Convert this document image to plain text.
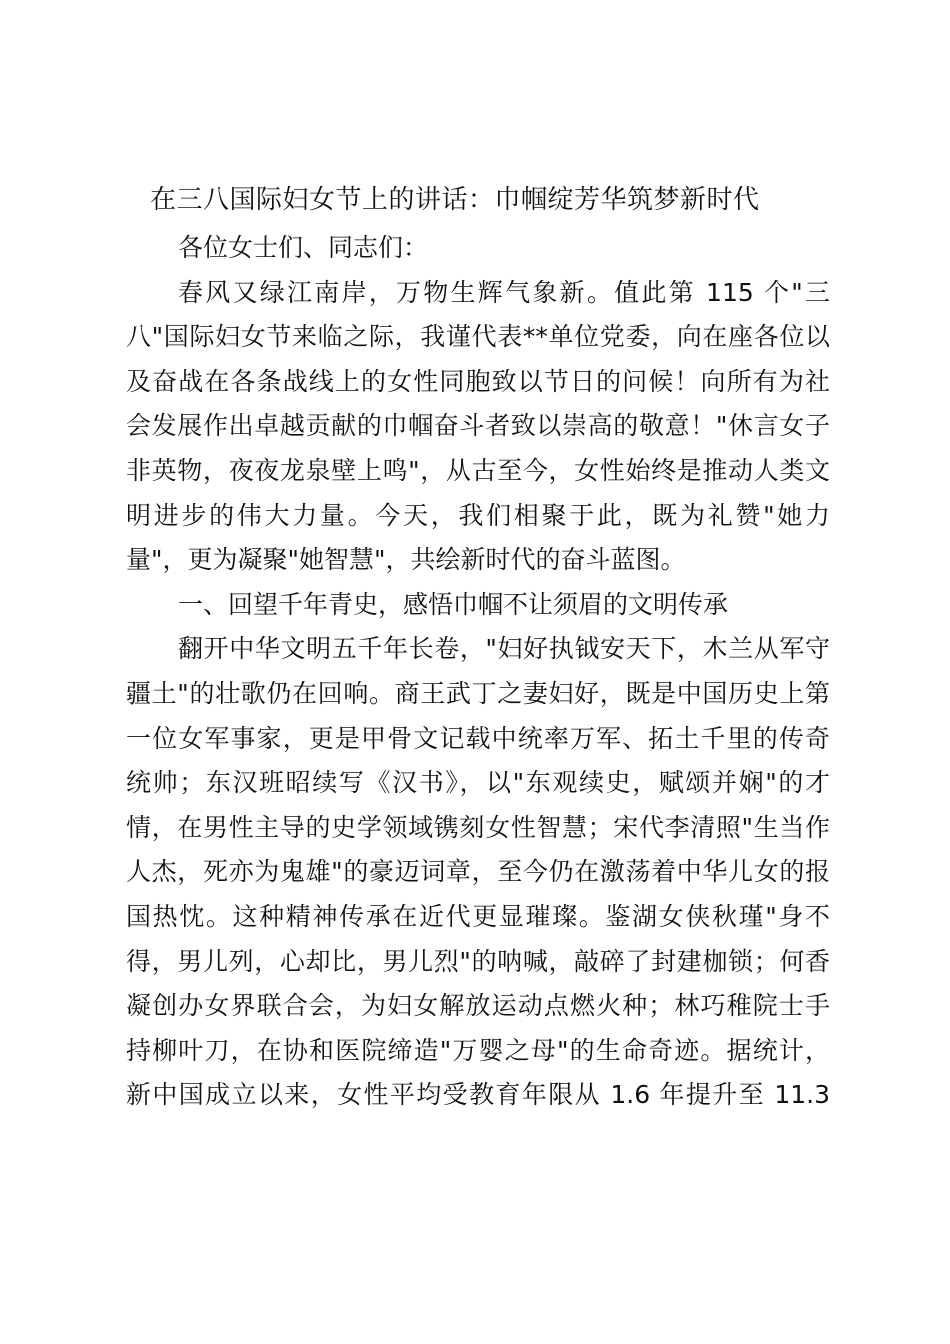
在三八国际妇女节上的讲话：巾帼绽芳华筑梦新时代

各位女士们、同志们：

春风又绿江南岸，万物生辉气象新。值此第 115 个"三

八"国际妇女节来临之际，我谨代表**单位党委，向在座各位以

及奋战在各条战线上的女性同胞致以节日的问候！向所有为社

会发展作出卓越贡献的巾帼奋斗者致以崇高的敬意！"休言女子

非英物，夜夜龙泉壁上鸣"，从古至今，女性始终是推动人类文

明进步的伟大力量。今天，我们相聚于此，既为礼赞"她力

量"，更为凝聚"她智慧"，共绘新时代的奋斗蓝图。

一、回望千年青史，感悟巾帼不让须眉的文明传承

翻开中华文明五千年长卷，"妇好执钺安天下，木兰从军守

疆土"的壮歌仍在回响。商王武丁之妻妇好，既是中国历史上第

一位女军事家，更是甲骨文记载中统率万军、拓土千里的传奇

统帅；东汉班昭续写《汉书》，以"东观续史，赋颂并娴"的才

情，在男性主导的史学领域镌刻女性智慧；宋代李清照"生当作

人杰，死亦为鬼雄"的豪迈词章，至今仍在激荡着中华儿女的报

国热忱。这种精神传承在近代更显璀璨。鉴湖女侠秋瑾"身不

得，男儿列，心却比，男儿烈"的呐喊，敲碎了封建枷锁；何香

凝创办女界联合会，为妇女解放运动点燃火种；林巧稚院士手

持柳叶刀，在协和医院缔造"万婴之母"的生命奇迹。据统计，

新中国成立以来，女性平均受教育年限从 1.6 年提升至 11.3
